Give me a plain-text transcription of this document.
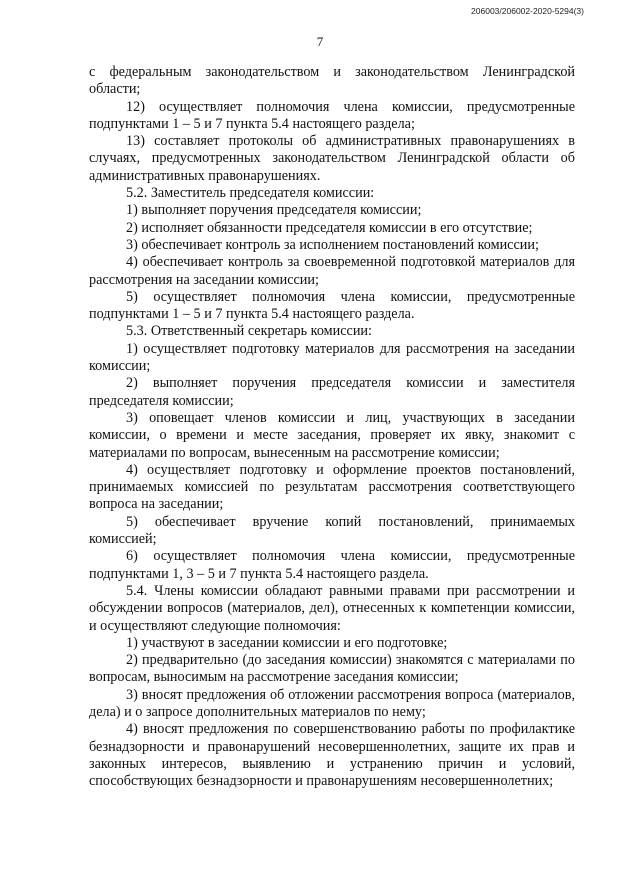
206003/206002-2020-5294(3)
7

с федеральным законодательством и законодательством Ленинградской области;

12) осуществляет полномочия члена комиссии, предусмотренные подпунктами 1 – 5 и 7 пункта 5.4 настоящего раздела;

13) составляет протоколы об административных правонарушениях в случаях, предусмотренных законодательством Ленинградской области об административных правонарушениях.

5.2. Заместитель председателя комиссии:

1) выполняет поручения председателя комиссии;

2) исполняет обязанности председателя комиссии в его отсутствие;

3) обеспечивает контроль за исполнением постановлений комиссии;

4) обеспечивает контроль за своевременной подготовкой материалов для рассмотрения на заседании комиссии;

5) осуществляет полномочия члена комиссии, предусмотренные подпунктами 1 – 5 и 7 пункта 5.4 настоящего раздела.

5.3. Ответственный секретарь комиссии:

1) осуществляет подготовку материалов для рассмотрения на заседании комиссии;

2) выполняет поручения председателя комиссии и заместителя председателя комиссии;

3) оповещает членов комиссии и лиц, участвующих в заседании комиссии, о времени и месте заседания, проверяет их явку, знакомит с материалами по вопросам, вынесенным на рассмотрение комиссии;

4) осуществляет подготовку и оформление проектов постановлений, принимаемых комиссией по результатам рассмотрения соответствующего вопроса на заседании;

5) обеспечивает вручение копий постановлений, принимаемых комиссией;

6) осуществляет полномочия члена комиссии, предусмотренные подпунктами 1, 3 – 5 и 7 пункта 5.4 настоящего раздела.

5.4. Члены комиссии обладают равными правами при рассмотрении и обсуждении вопросов (материалов, дел), отнесенных к компетенции комиссии, и осуществляют следующие полномочия:

1) участвуют в заседании комиссии и его подготовке;

2) предварительно (до заседания комиссии) знакомятся с материалами по вопросам, выносимым на рассмотрение заседания комиссии;

3) вносят предложения об отложении рассмотрения вопроса (материалов, дела) и о запросе дополнительных материалов по нему;

4) вносят предложения по совершенствованию работы по профилактике безнадзорности и правонарушений несовершеннолетних, защите их прав и законных интересов, выявлению и устранению причин и условий, способствующих безнадзорности и правонарушениям несовершеннолетних;
